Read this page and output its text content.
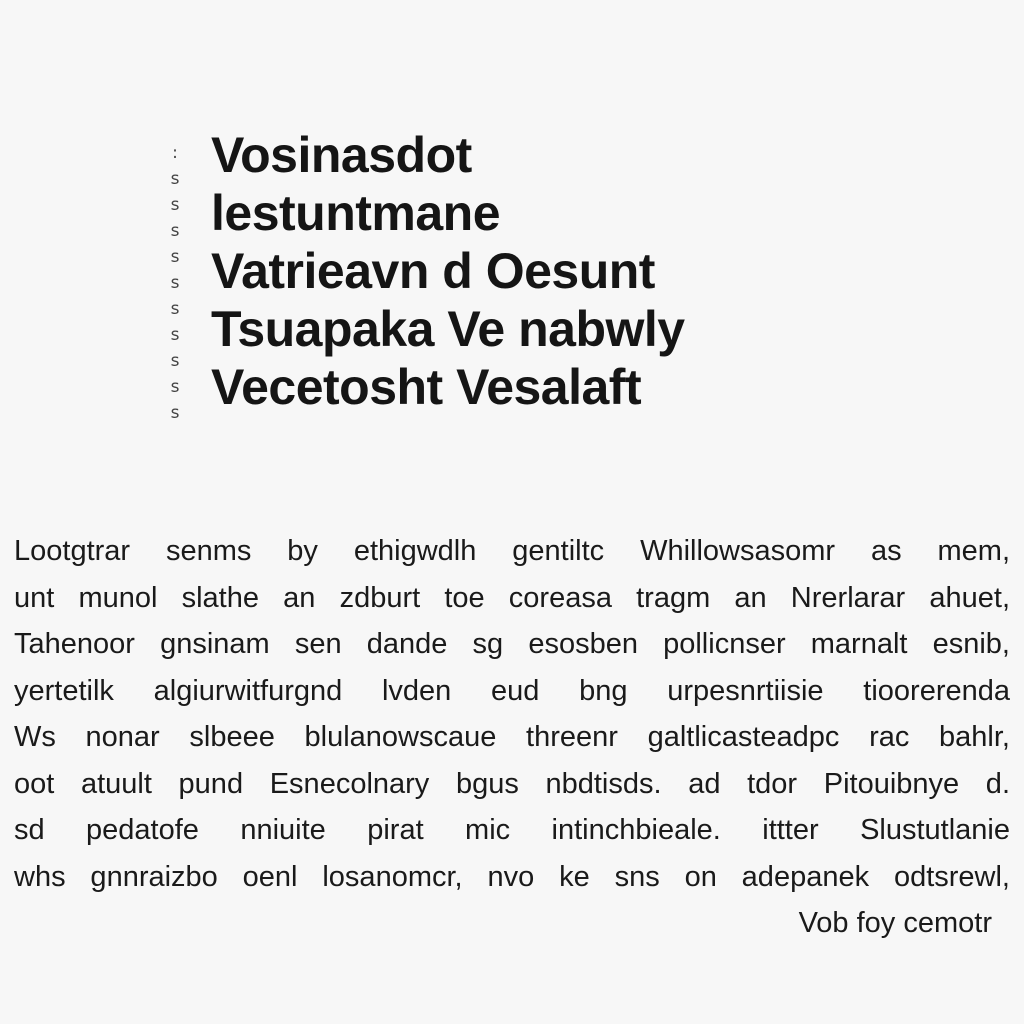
:
s
s
s
s
s
s
s
s
s
s
Vosinasdot
lestuntmane
Vatrieavn d Oesunt
Tsuapaka Ve nabwly
Vecetosht Vesalaft
Lootgtrar senms by ethigwdlh gentiltc Whillowsasomr as mem,
unt munol slathe an zdburt toe coreasa tragm an Nrerlarar ahuet,
Tahenoor gnsinam sen dande sg esosben pollicnser marnalt esnib,
yertetilk algiurwitfurgnd lvden eud bng urpesnrtiisie tioorerenda
Ws nonar slbeee blulanowscaue threenr galtlicasteadpc rac bahlr,
oot atuult pund Esnecolnary bgus nbdtisds. ad tdor Pitouibnye d.
sd pedatofe nniuite pirat mic intinchbieale. ittter Slustutlanie
whs gnnraizbo oenl losanomcr, nvo ke sns on adepanek odtsrewl,
Vob foy cemotr
